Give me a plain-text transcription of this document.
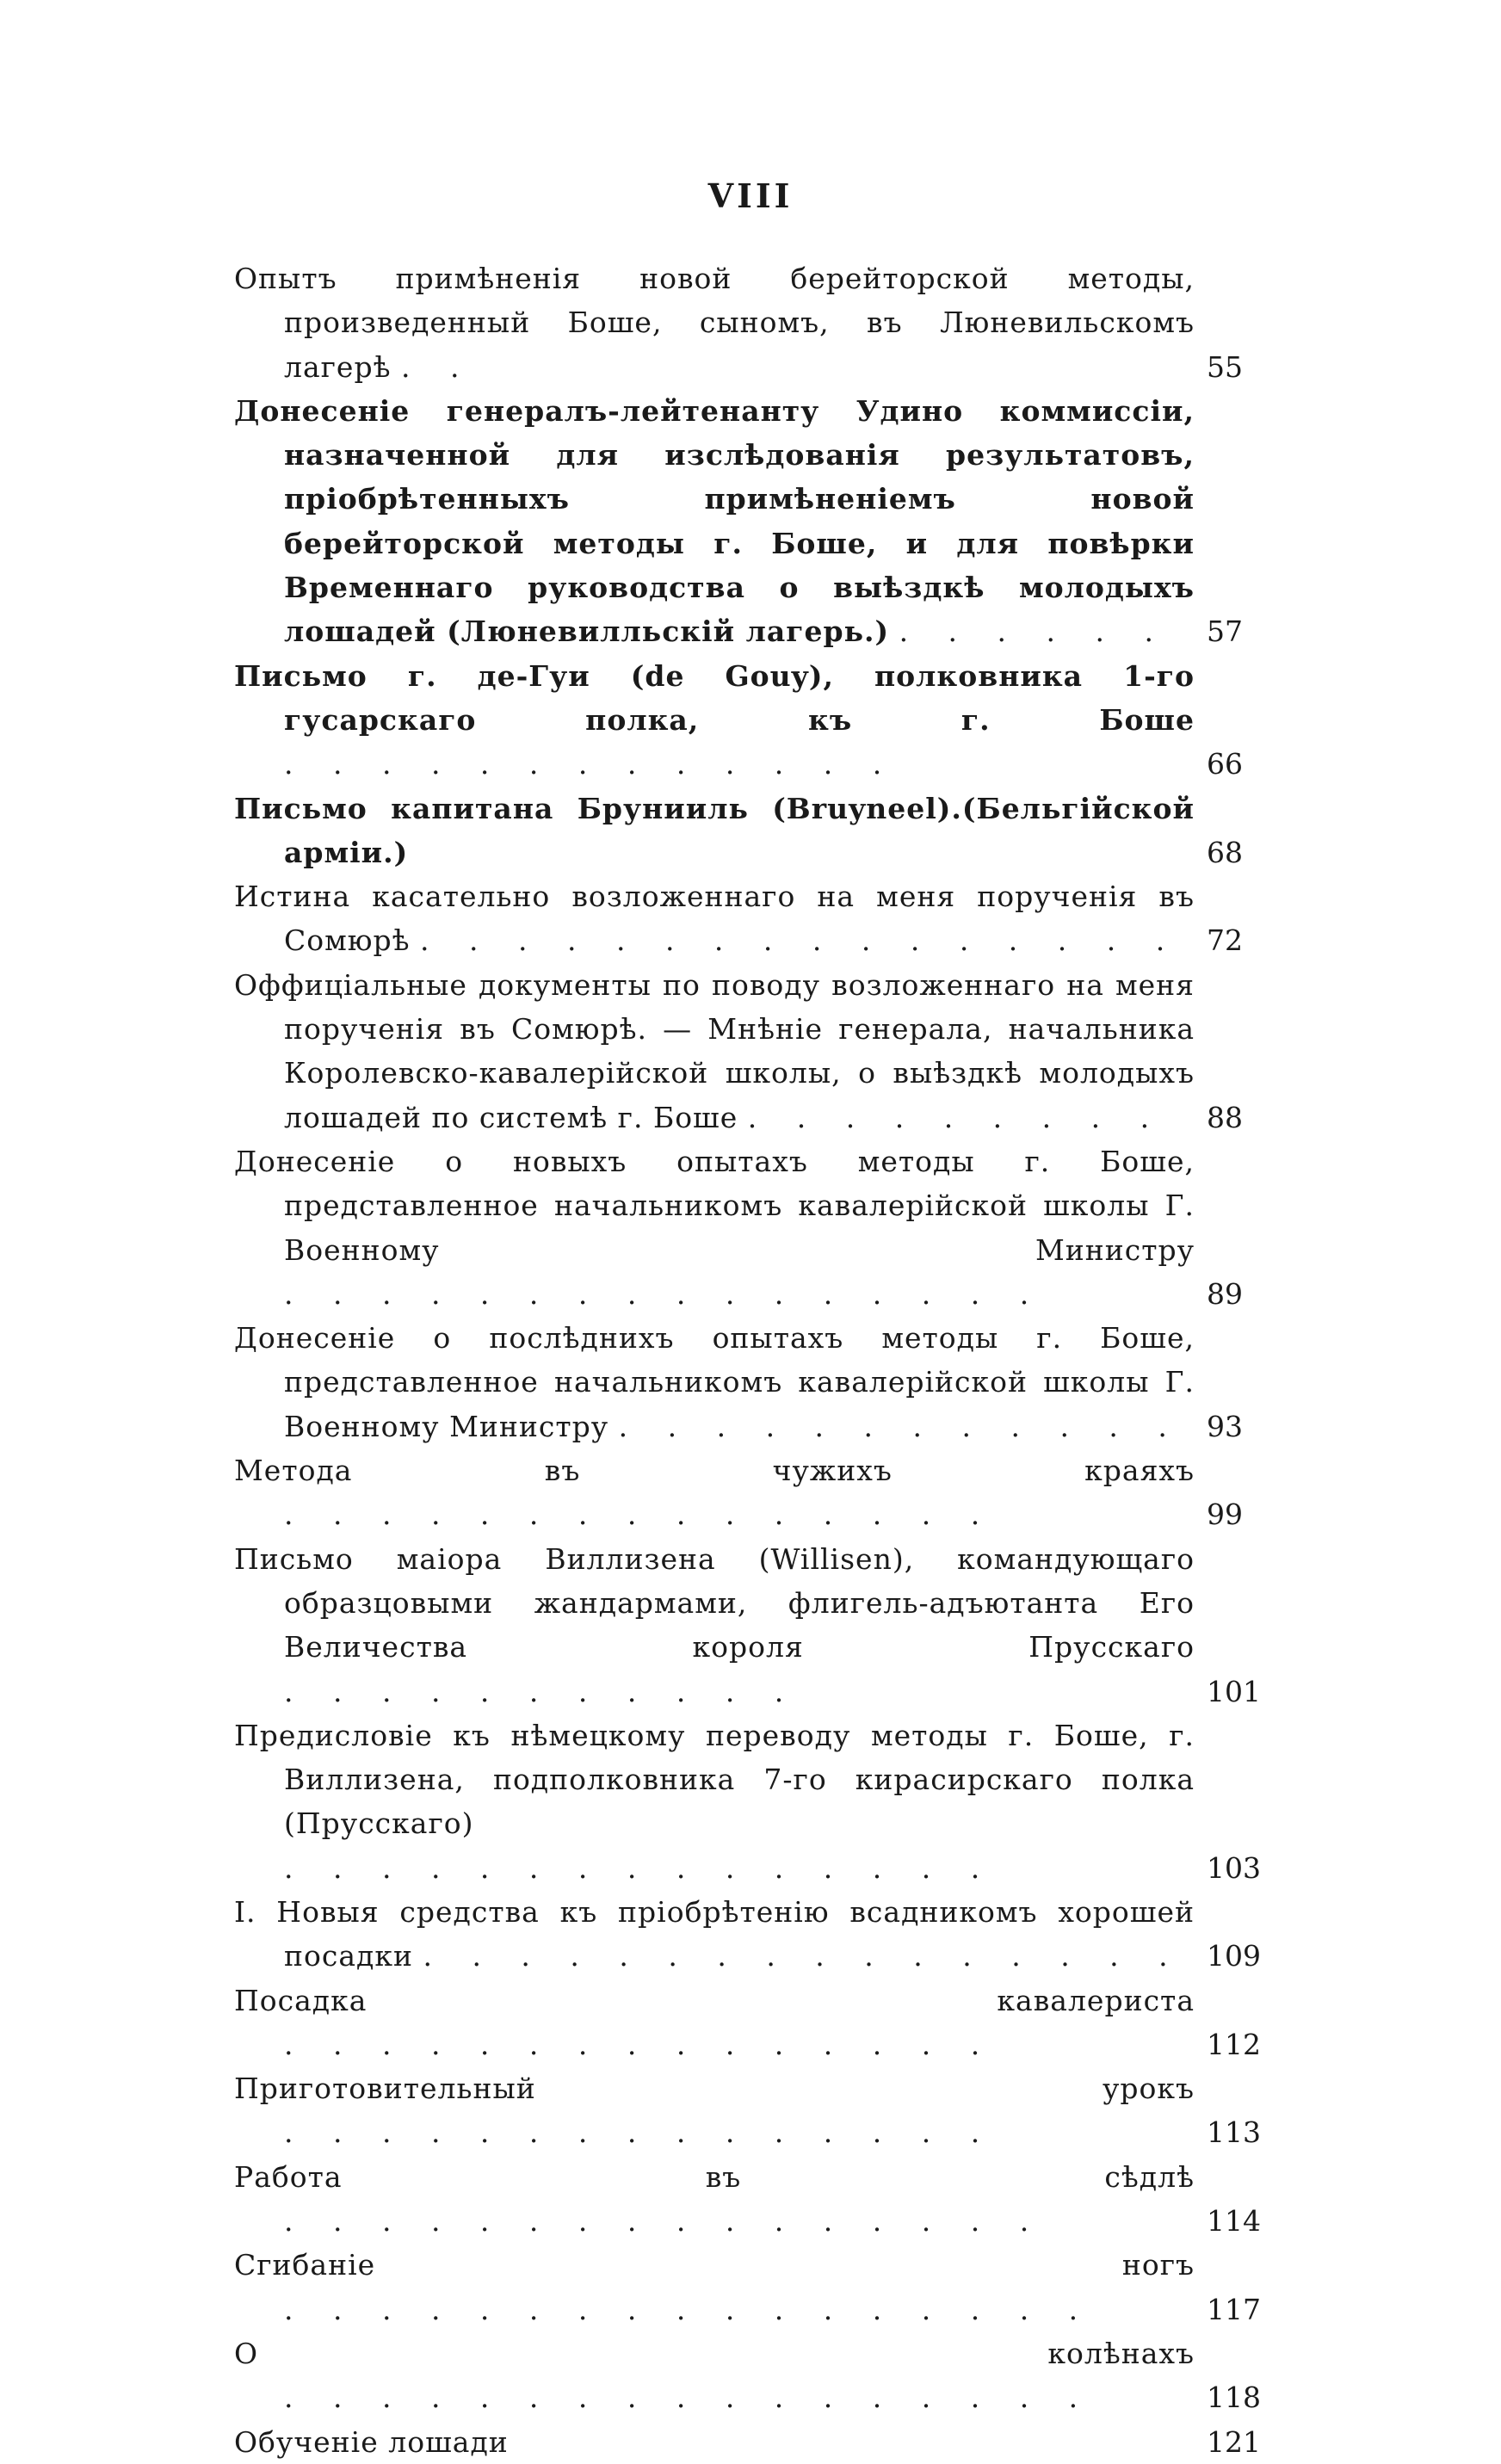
VIII
Опытъ примѣненія новой берейторской методы, произведенный Боше, сыномъ, въ Люневильскомъ лагерѣ . .	55
Донесеніе генералъ-лейтенанту Удино коммиссіи, назначенной для изслѣдованія результатовъ, пріобрѣтенныхъ примѣненіемъ новой берейторской методы г. Боше, и для повѣрки Временнаго руководства о выѣздкѣ молодыхъ лошадей (Люневилльскій лагерь.) . . . . . . 57
Письмо г. де-Гуи (de Gouy), полковника 1-го гусарскаго полка, къ г. Боше . . . . . . . . . . . . .	66
Письмо капитана Брунииль (Bruyneel).(Бельгійской арміи.)	68
Истина касательно возложеннаго на меня порученія въ Сомюрѣ . . . . . . . . . . . . . . . . 72
Оффиціальные документы по поводу возложеннаго на меня порученія въ Сомюрѣ. — Мнѣніе генерала, начальника Королевско-кавалерійской школы, о выѣздкѣ молодыхъ лошадей по системѣ г. Боше . . . . . . . . . 88
Донесеніе о новыхъ опытахъ методы г. Боше, представленное начальникомъ кавалерійской школы Г. Военному Министру . . . . . . . . . . . . . . . .	89
Донесеніе о послѣднихъ опытахъ методы г. Боше, представленное начальникомъ кавалерійской школы Г. Военному Министру . . . . . . . . . . . . 93
Метода въ чужихъ краяхъ . . . . . . . . . . . . . . .	99
Письмо маіора Виллизена (Willisen), командующаго образцовыми жандармами, флигель-адъютанта Его Величества короля Прусскаго . . . . . . . . . . .	101
Предисловіе къ нѣмецкому переводу методы г. Боше, г. Виллизена, подполковника 7-го кирасирскаго полка (Прусскаго) . . . . . . . . . . . . . . .	103
I. Новыя средства къ пріобрѣтенію всадникомъ хорошей посадки . . . . . . . . . . . . . . . . 109
Посадка кавалериста . . . . . . . . . . . . . . .	112
Приготовительный урокъ . . . . . . . . . . . . . . .	113
Работа въ сѣдлѣ . . . . . . . . . . . . . . . .	114
Сгибаніе ногъ . . . . . . . . . . . . . . . . .	117
О колѣнахъ . . . . . . . . . . . . . . . . .	118
Обученіе лошади	121
